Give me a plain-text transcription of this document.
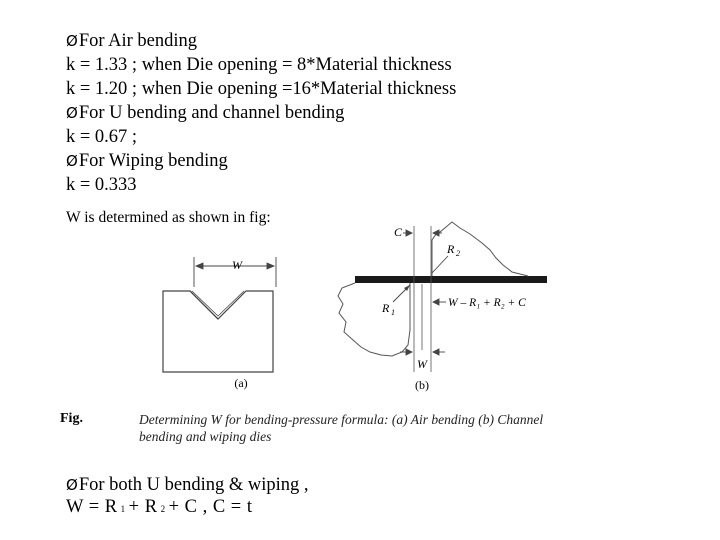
ØFor Air bending
k = 1.33 ; when Die opening = 8*Material thickness
k = 1.20 ; when Die opening =16*Material thickness
ØFor U bending and channel bending
k = 0.67 ;
ØFor Wiping bending
k = 0.333
W is determined as shown in fig:
W
(a)
C
R 2
R 1
W – R₁ + R₂ + C
W
(b)
Fig.	Determining W for bending-pressure formula: (a) Air bending (b) Channel
bending and wiping dies
ØFor both U bending & wiping ,
W = R 1 + R 2 + C , C = t
